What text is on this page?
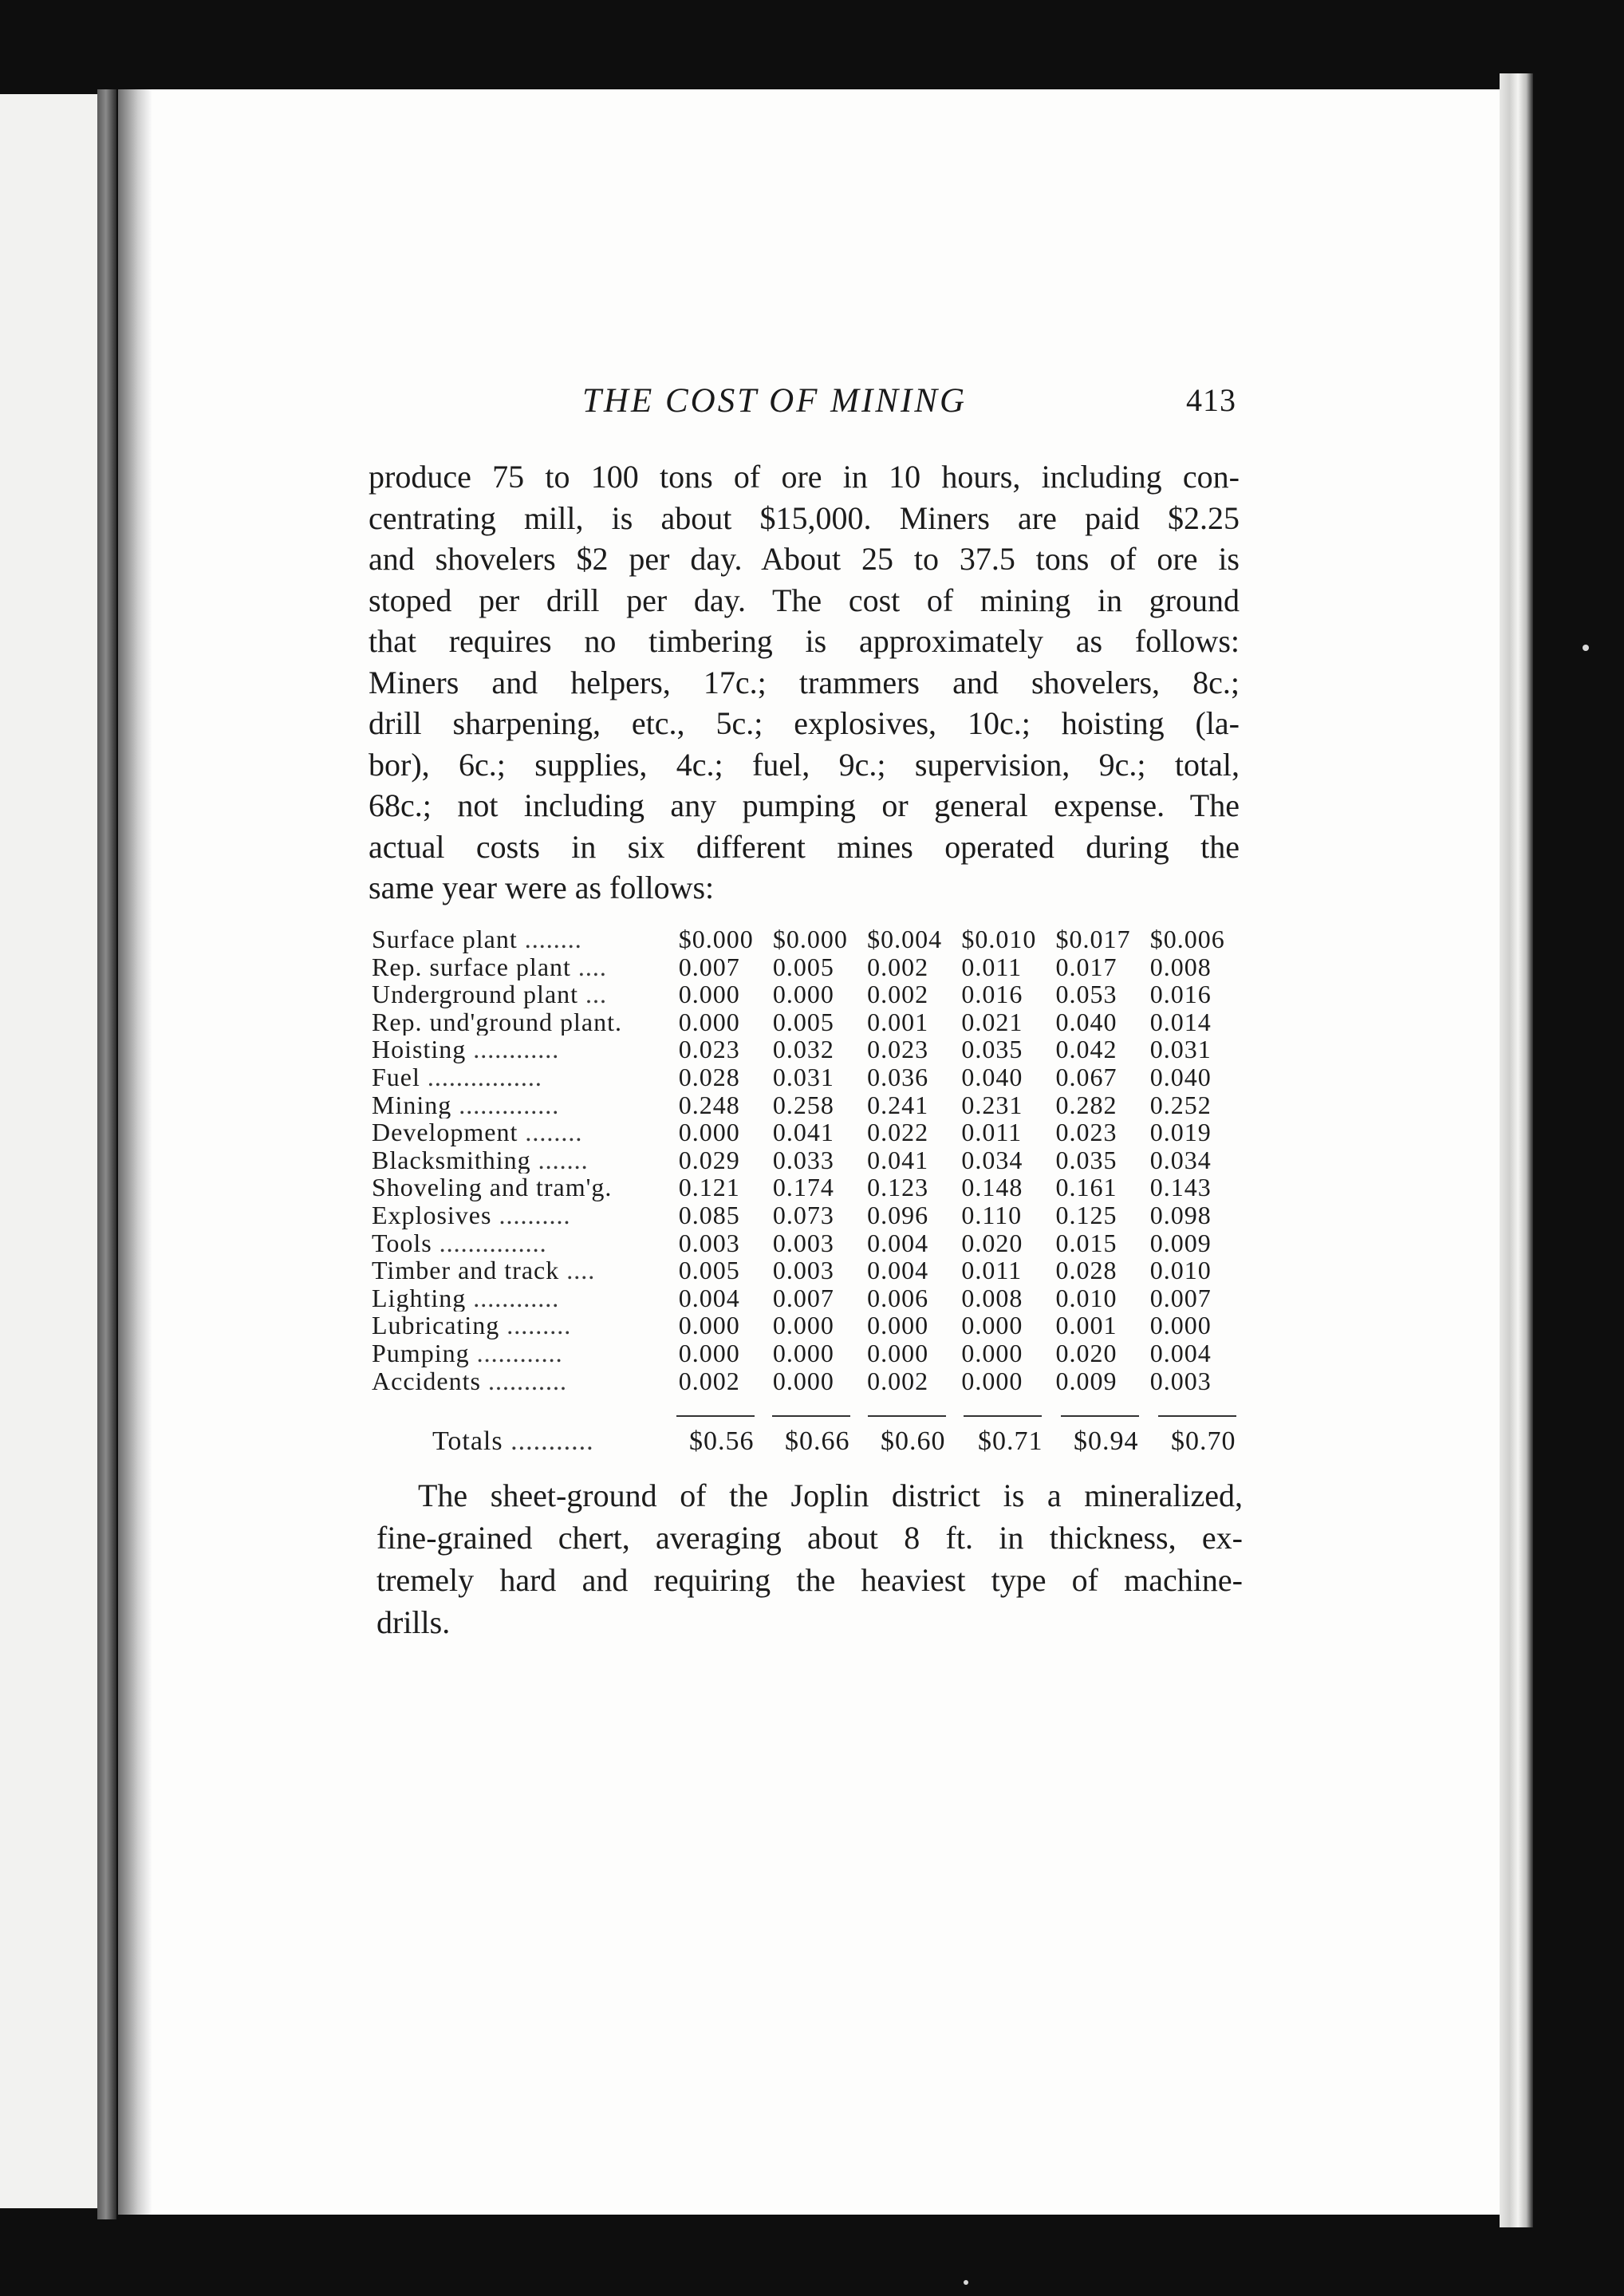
THE COST OF MINING	413
produce 75 to 100 tons of ore in 10 hours, including con-
centrating mill, is about $15,000. Miners are paid $2.25
and shovelers $2 per day. About 25 to 37.5 tons of ore is
stoped per drill per day. The cost of mining in ground
that requires no timbering is approximately as follows:
Miners and helpers, 17c.; trammers and shovelers, 8c.;
drill sharpening, etc., 5c.; explosives, 10c.; hoisting (la-
bor), 6c.; supplies, 4c.; fuel, 9c.; supervision, 9c.; total,
68c.; not including any pumping or general expense. The
actual costs in six different mines operated during the
same year were as follows:
Surface plant ........	$0.000	$0.000	$0.004	$0.010	$0.017	$0.006
Rep. surface plant ....	0.007	0.005	0.002	0.011	0.017	0.008
Underground plant ...	0.000	0.000	0.002	0.016	0.053	0.016
Rep. und'ground plant.	0.000	0.005	0.001	0.021	0.040	0.014
Hoisting ............	0.023	0.032	0.023	0.035	0.042	0.031
Fuel ................	0.028	0.031	0.036	0.040	0.067	0.040
Mining ..............	0.248	0.258	0.241	0.231	0.282	0.252
Development ........	0.000	0.041	0.022	0.011	0.023	0.019
Blacksmithing .......	0.029	0.033	0.041	0.034	0.035	0.034
Shoveling and tram'g.	0.121	0.174	0.123	0.148	0.161	0.143
Explosives ..........	0.085	0.073	0.096	0.110	0.125	0.098
Tools ...............	0.003	0.003	0.004	0.020	0.015	0.009
Timber and track ....	0.005	0.003	0.004	0.011	0.028	0.010
Lighting ............	0.004	0.007	0.006	0.008	0.010	0.007
Lubricating .........	0.000	0.000	0.000	0.000	0.001	0.000
Pumping ............	0.000	0.000	0.000	0.000	0.020	0.004
Accidents ...........	0.002	0.000	0.002	0.000	0.009	0.003
Totals ...........	$0.56 $0.66 $0.60 $0.71 $0.94 $0.70
The sheet-ground of the Joplin district is a mineralized,
fine-grained chert, averaging about 8 ft. in thickness, ex-
tremely hard and requiring the heaviest type of machine-
drills.
